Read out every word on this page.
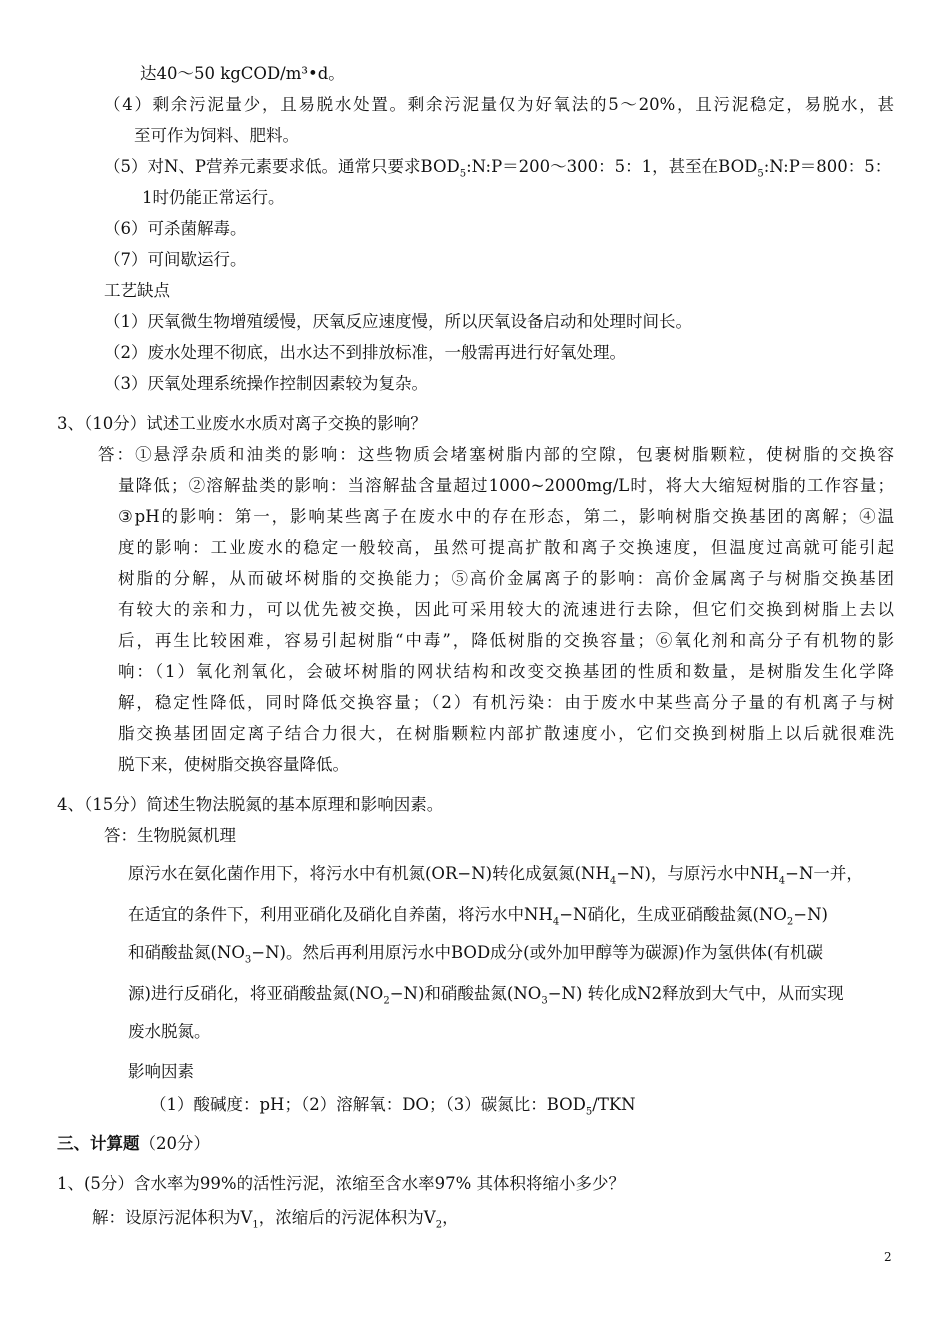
达40～50 kgCOD/m³•d。
（4）剩余污泥量少，且易脱水处置。剩余污泥量仅为好氧法的5～20%，且污泥稳定，易脱水，甚
至可作为饲料、肥料。
（5）对N、P营养元素要求低。通常只要求$BOD_5:N:P=200\sim 300$：5：1，甚至在$BOD_5:N:P=800$：5：
1时仍能正常运行。
（6）可杀菌解毒。
（7）可间歇运行。
工艺缺点
（1）厌氧微生物增殖缓慢，厌氧反应速度慢，所以厌氧设备启动和处理时间长。
（2）废水处理不彻底，出水达不到排放标准，一般需再进行好氧处理。
（3）厌氧处理系统操作控制因素较为复杂。
3、（10分）试述工业废水水质对离子交换的影响？
答：①悬浮杂质和油类的影响：这些物质会堵塞树脂内部的空隙，包裹树脂颗粒，使树脂的交换容
量降低；②溶解盐类的影响：当溶解盐含量超过1000~2000mg/L时，将大大缩短树脂的工作容量；
③pH的影响：第一，影响某些离子在废水中的存在形态，第二，影响树脂交换基团的离解；④温
度的影响：工业废水的稳定一般较高，虽然可提高扩散和离子交换速度，但温度过高就可能引起
树脂的分解，从而破坏树脂的交换能力；⑤高价金属离子的影响：高价金属离子与树脂交换基团
有较大的亲和力，可以优先被交换，因此可采用较大的流速进行去除，但它们交换到树脂上去以
后，再生比较困难，容易引起树脂“中毒”，降低树脂的交换容量；⑥氧化剂和高分子有机物的影
响：（1）氧化剂氧化，会破坏树脂的网状结构和改变交换基团的性质和数量，是树脂发生化学降
解，稳定性降低，同时降低交换容量；（2）有机污染：由于废水中某些高分子量的有机离子与树
脂交换基团固定离子结合力很大，在树脂颗粒内部扩散速度小，它们交换到树脂上以后就很难洗
脱下来，使树脂交换容量降低。
4、（15分）简述生物法脱氮的基本原理和影响因素。
答：生物脱氮机理
原污水在氨化菌作用下，将污水中有机氮(OR−N)转化成氨氮$(NH_4-N)$，与原污水中$NH_4-N$一并，
在适宜的条件下，利用亚硝化及硝化自养菌，将污水中$NH_4-N$硝化，生成亚硝酸盐氮$(NO_2-N)$
和硝酸盐氮$(NO_3-N)$。然后再利用原污水中BOD成分(或外加甲醇等为碳源)作为氢供体(有机碳
源)进行反硝化，将亚硝酸盐氮$(NO_2-N)$和硝酸盐氮$(NO_3-N)$ 转化成N2释放到大气中，从而实现
废水脱氮。
影响因素
（1）酸碱度：pH；（2）溶解氧：DO；（3）碳氮比：$BOD_5$/TKN
三、计算题（20分）
1、(5分）含水率为99%的活性污泥，浓缩至含水率97% 其体积将缩小多少？
解：设原污泥体积为$V_1$，浓缩后的污泥体积为$V_2$，
2
